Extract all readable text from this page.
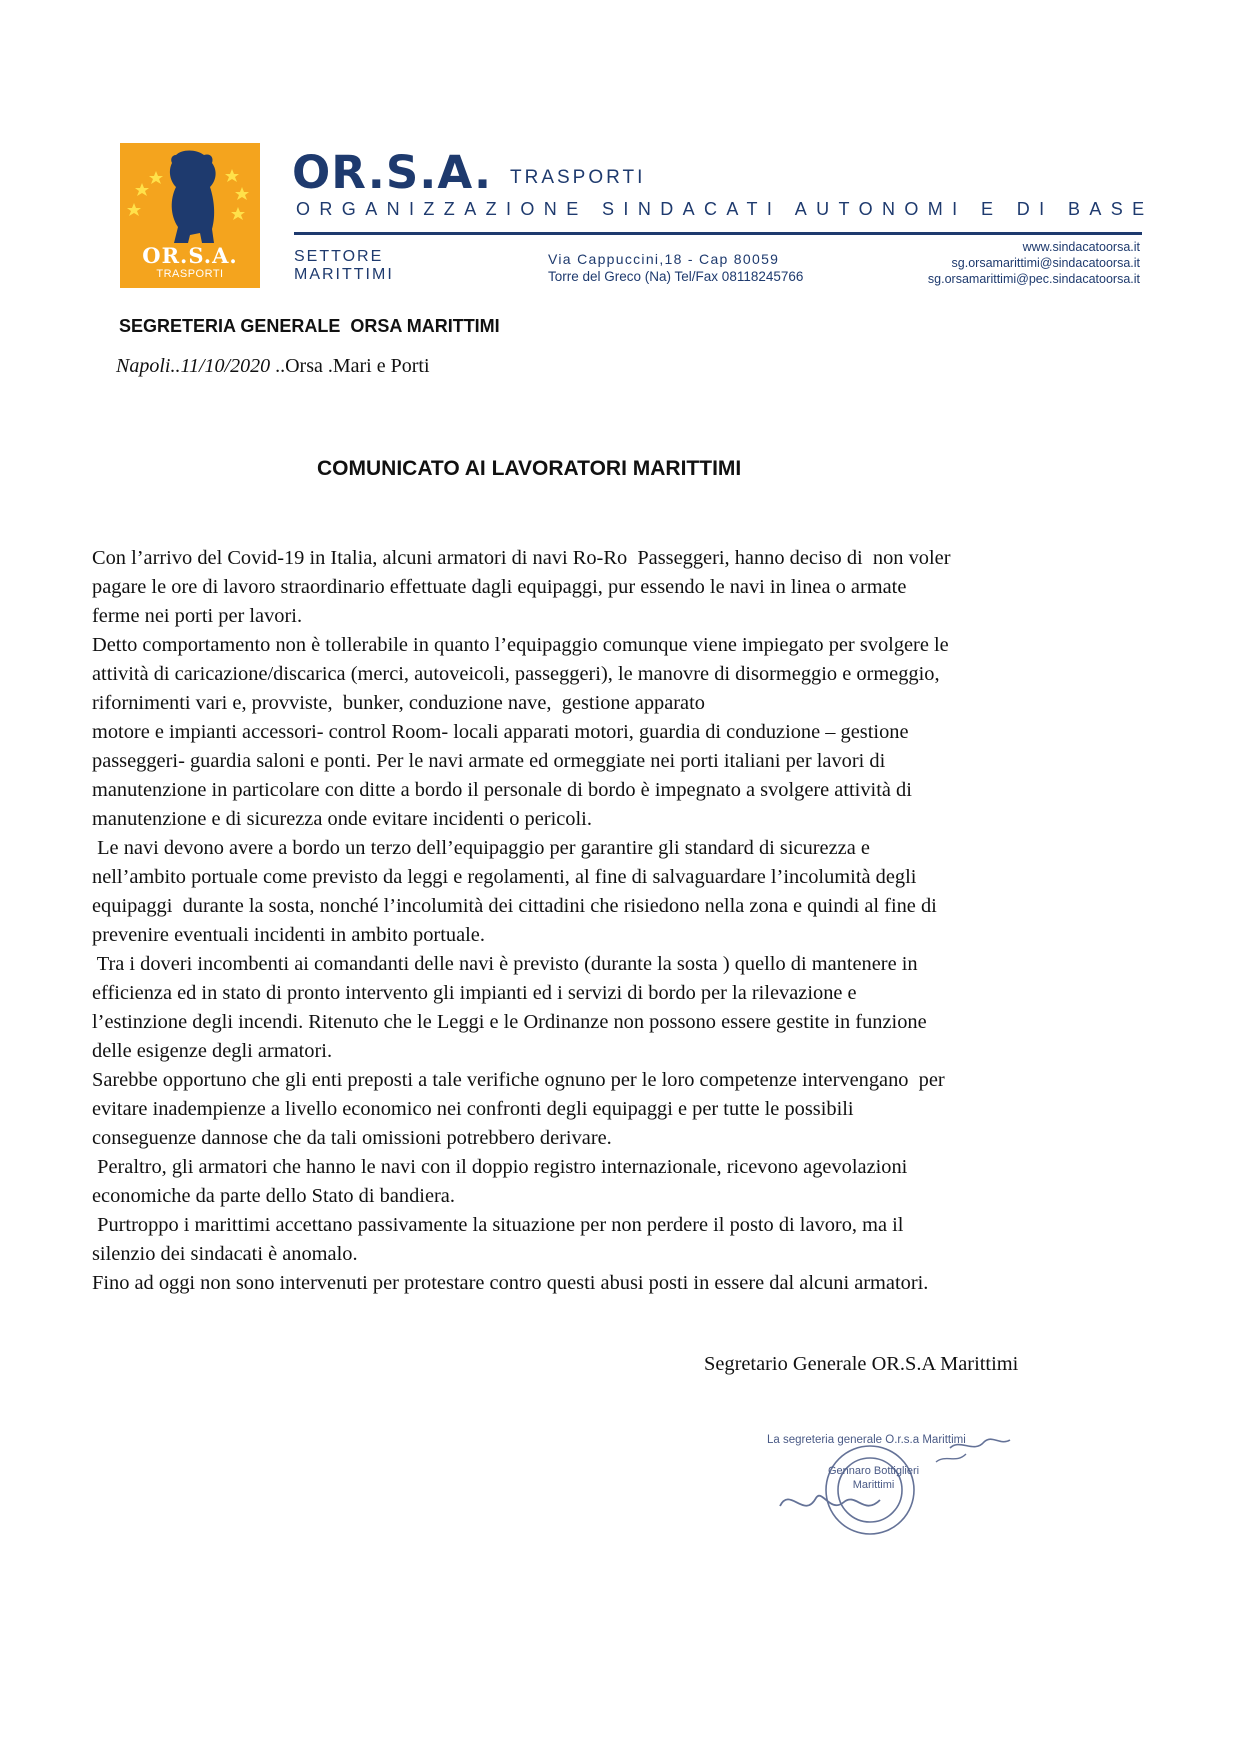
OR.S.A.
TRASPORTI
OR.S.A. TRASPORTI
ORGANIZZAZIONE SINDACATI AUTONOMI E DI BASE
SETTORE
MARITTIMI
Via Cappuccini,18 - Cap 80059
Torre del Greco (Na) Tel/Fax 08118245766
www.sindacatoorsa.it
sg.orsamarittimi@sindacatoorsa.it
sg.orsamarittimi@pec.sindacatoorsa.it
SEGRETERIA GENERALE  ORSA MARITTIMI
Napoli..11/10/2020 ..Orsa .Mari e Porti
COMUNICATO AI LAVORATORI MARITTIMI
Con l’arrivo del Covid-19 in Italia, alcuni armatori di navi Ro-Ro  Passeggeri, hanno deciso di  non voler
pagare le ore di lavoro straordinario effettuate dagli equipaggi, pur essendo le navi in linea o armate
ferme nei porti per lavori.
Detto comportamento non è tollerabile in quanto l’equipaggio comunque viene impiegato per svolgere le
attività di caricazione/discarica (merci, autoveicoli, passeggeri), le manovre di disormeggio e ormeggio,
rifornimenti vari e, provviste,  bunker, conduzione nave,  gestione apparato
motore e impianti accessori- control Room- locali apparati motori, guardia di conduzione – gestione
passeggeri- guardia saloni e ponti. Per le navi armate ed ormeggiate nei porti italiani per lavori di
manutenzione in particolare con ditte a bordo il personale di bordo è impegnato a svolgere attività di
manutenzione e di sicurezza onde evitare incidenti o pericoli.
Le navi devono avere a bordo un terzo dell’equipaggio per garantire gli standard di sicurezza e
nell’ambito portuale come previsto da leggi e regolamenti, al fine di salvaguardare l’incolumità degli
equipaggi  durante la sosta, nonché l’incolumità dei cittadini che risiedono nella zona e quindi al fine di
prevenire eventuali incidenti in ambito portuale.
Tra i doveri incombenti ai comandanti delle navi è previsto (durante la sosta ) quello di mantenere in
efficienza ed in stato di pronto intervento gli impianti ed i servizi di bordo per la rilevazione e
l’estinzione degli incendi. Ritenuto che le Leggi e le Ordinanze non possono essere gestite in funzione
delle esigenze degli armatori.
Sarebbe opportuno che gli enti preposti a tale verifiche ognuno per le loro competenze intervengano  per
evitare inadempienze a livello economico nei confronti degli equipaggi e per tutte le possibili
conseguenze dannose che da tali omissioni potrebbero derivare.
Peraltro, gli armatori che hanno le navi con il doppio registro internazionale, ricevono agevolazioni
economiche da parte dello Stato di bandiera.
Purtroppo i marittimi accettano passivamente la situazione per non perdere il posto di lavoro, ma il
silenzio dei sindacati è anomalo.
Fino ad oggi non sono intervenuti per protestare contro questi abusi posti in essere dal alcuni armatori.
Segretario Generale OR.S.A Marittimi
La segreteria generale O.r.s.a Marittimi
Gennaro Bottiglieri
Marittimi
